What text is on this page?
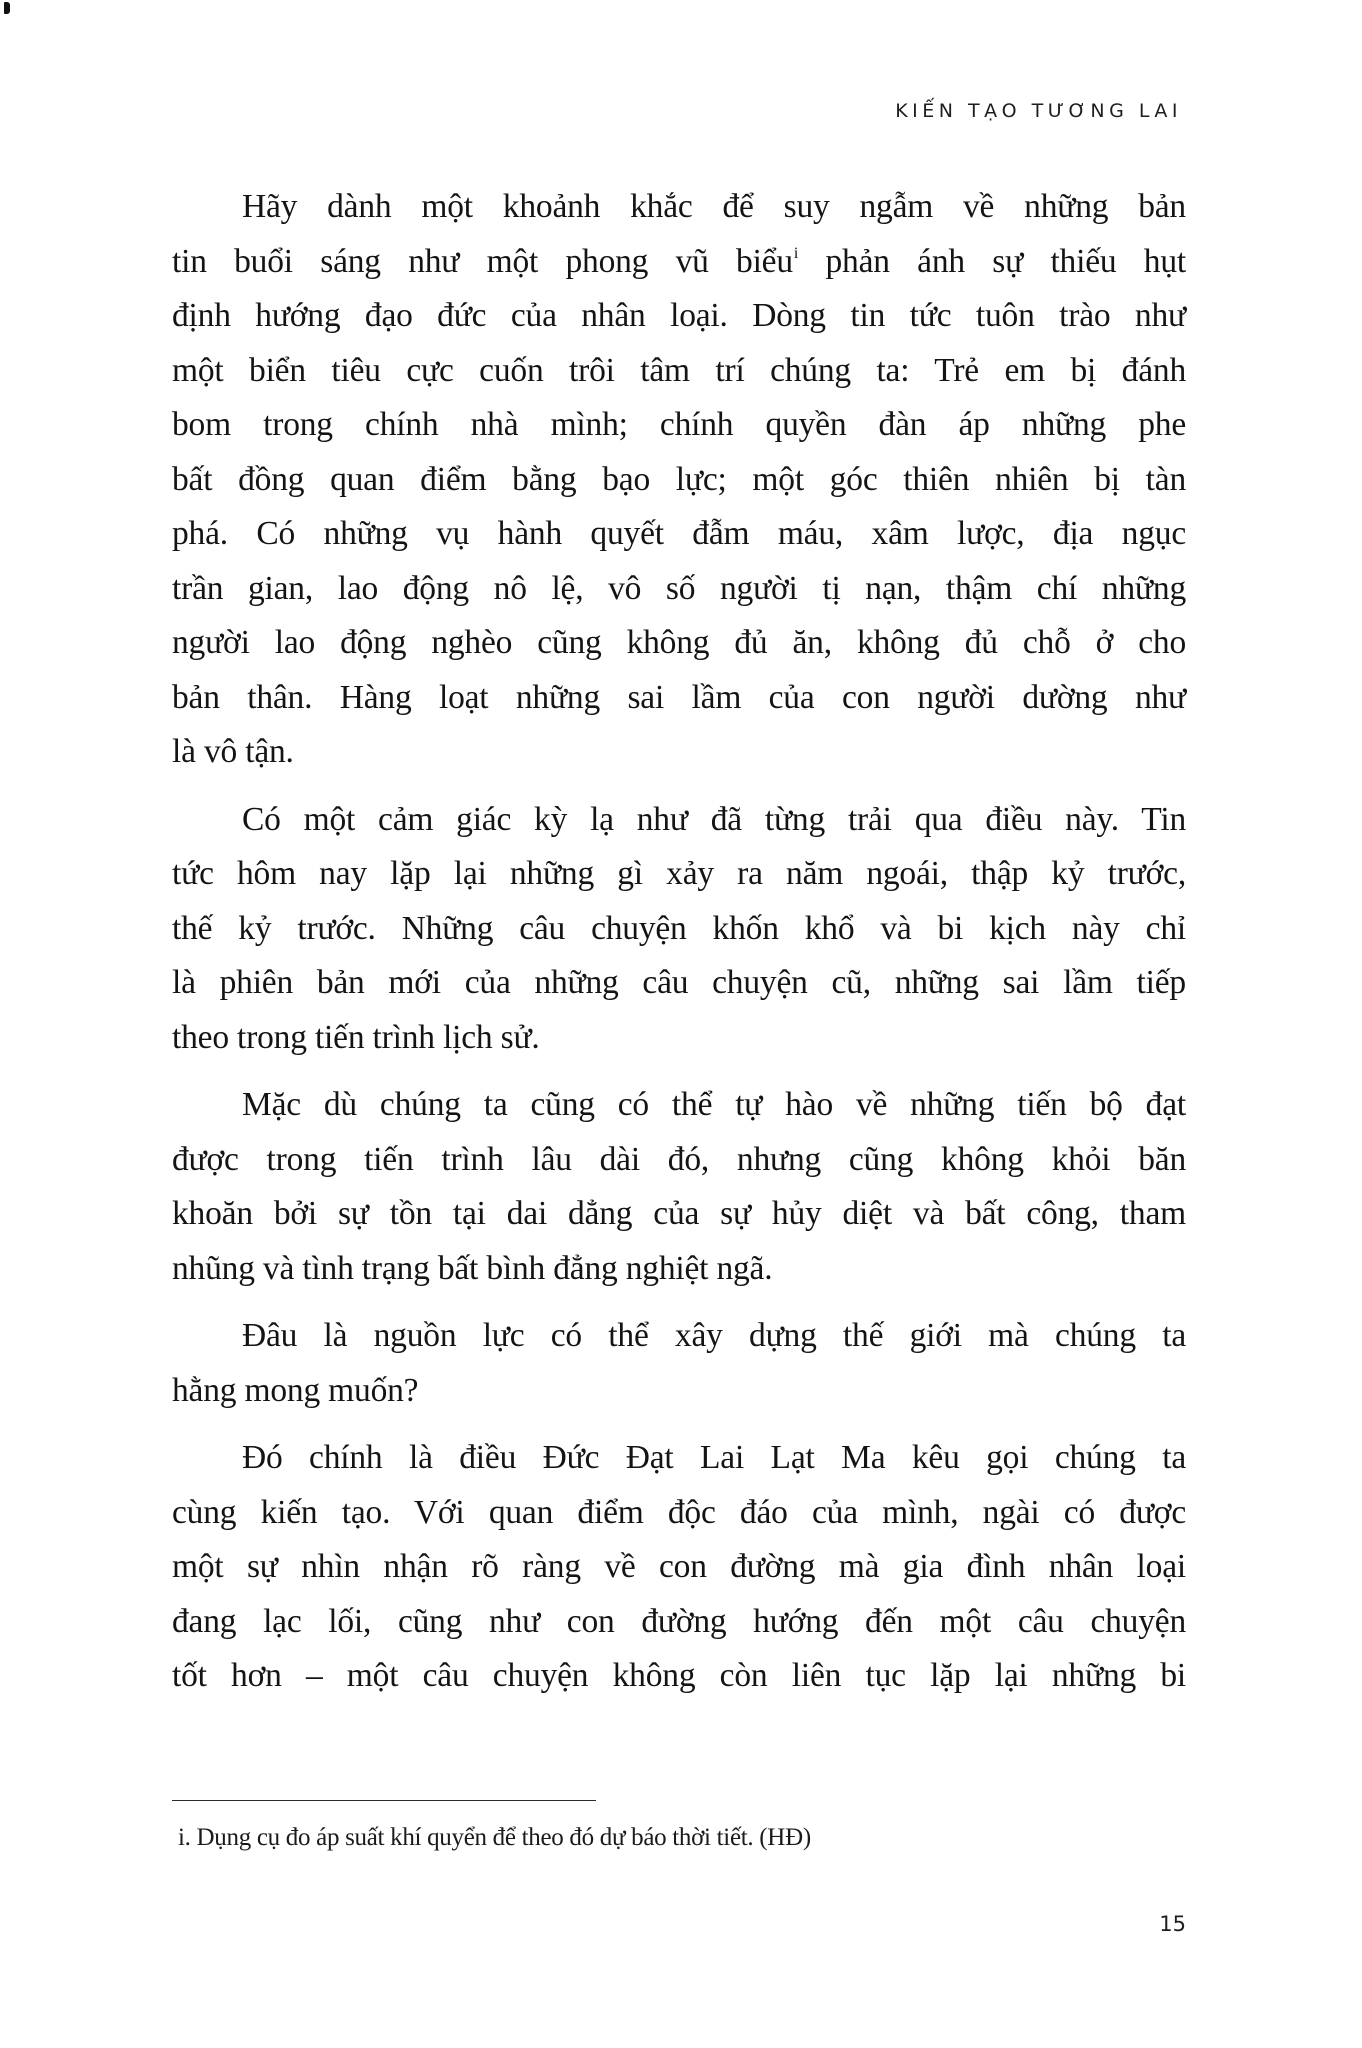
KIẾN TẠO TƯƠNG LAI
Hãy dành một khoảnh khắc để suy ngẫm về những bản
tin buổi sáng như một phong vũ biểu$^i$ phản ánh sự thiếu hụt
định hướng đạo đức của nhân loại. Dòng tin tức tuôn trào như
một biển tiêu cực cuốn trôi tâm trí chúng ta: Trẻ em bị đánh
bom trong chính nhà mình; chính quyền đàn áp những phe
bất đồng quan điểm bằng bạo lực; một góc thiên nhiên bị tàn
phá. Có những vụ hành quyết đẫm máu, xâm lược, địa ngục
trần gian, lao động nô lệ, vô số người tị nạn, thậm chí những
người lao động nghèo cũng không đủ ăn, không đủ chỗ ở cho
bản thân. Hàng loạt những sai lầm của con người dường như
là vô tận.
Có một cảm giác kỳ lạ như đã từng trải qua điều này. Tin
tức hôm nay lặp lại những gì xảy ra năm ngoái, thập kỷ trước,
thế kỷ trước. Những câu chuyện khốn khổ và bi kịch này chỉ
là phiên bản mới của những câu chuyện cũ, những sai lầm tiếp
theo trong tiến trình lịch sử.
Mặc dù chúng ta cũng có thể tự hào về những tiến bộ đạt
được trong tiến trình lâu dài đó, nhưng cũng không khỏi băn
khoăn bởi sự tồn tại dai dẳng của sự hủy diệt và bất công, tham
nhũng và tình trạng bất bình đẳng nghiệt ngã.
Đâu là nguồn lực có thể xây dựng thế giới mà chúng ta
hằng mong muốn?
Đó chính là điều Đức Đạt Lai Lạt Ma kêu gọi chúng ta
cùng kiến tạo. Với quan điểm độc đáo của mình, ngài có được
một sự nhìn nhận rõ ràng về con đường mà gia đình nhân loại
đang lạc lối, cũng như con đường hướng đến một câu chuyện
tốt hơn – một câu chuyện không còn liên tục lặp lại những bi
i. Dụng cụ đo áp suất khí quyển để theo đó dự báo thời tiết. (HĐ)
15
